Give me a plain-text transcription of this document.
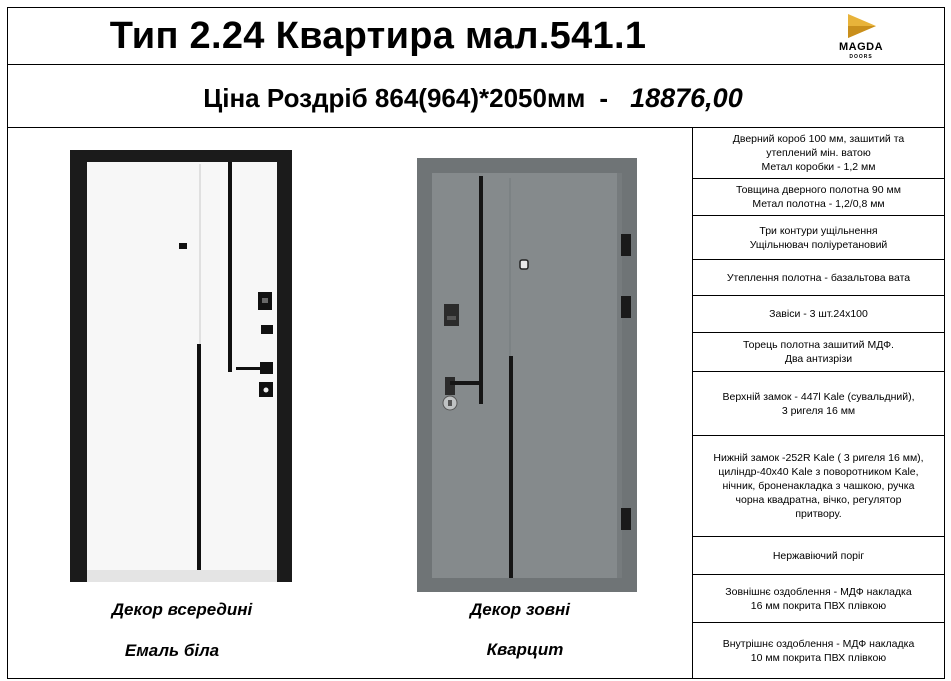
Тип 2.24 Квартира мал.541.1	MAGDA
DOORS
Ціна Роздріб 864(964)*2050мм - 18876,00
Декор всередині
Емаль біла
Декор зовні
Кварцит
Дверний короб 100 мм, зашитий та
утеплений мін. ватою
Метал коробки - 1,2 мм
Товщина дверного полотна 90 мм
Метал полотна - 1,2/0,8 мм
Три контури ущільнення
Ущільнювач поліуретановий
Утеплення полотна - базальтова вата
Завіси - 3 шт.24х100
Торець полотна зашитий МДФ.
Два антизрізи
Верхній замок - 447l Kale (сувальдний),
3 ригеля 16 мм
Нижній замок -252R Kale ( 3 ригеля 16 мм),
циліндр-40х40 Kale з поворотником Kale,
нічник, броненакладка з чашкою, ручка
чорна квадратна, вічко, регулятор
притвору.
Нержавіючий поріг
Зовнішнє оздоблення - МДФ накладка
16 мм покрита ПВХ плівкою
Внутрішнє оздоблення - МДФ накладка
10 мм покрита ПВХ плівкою
